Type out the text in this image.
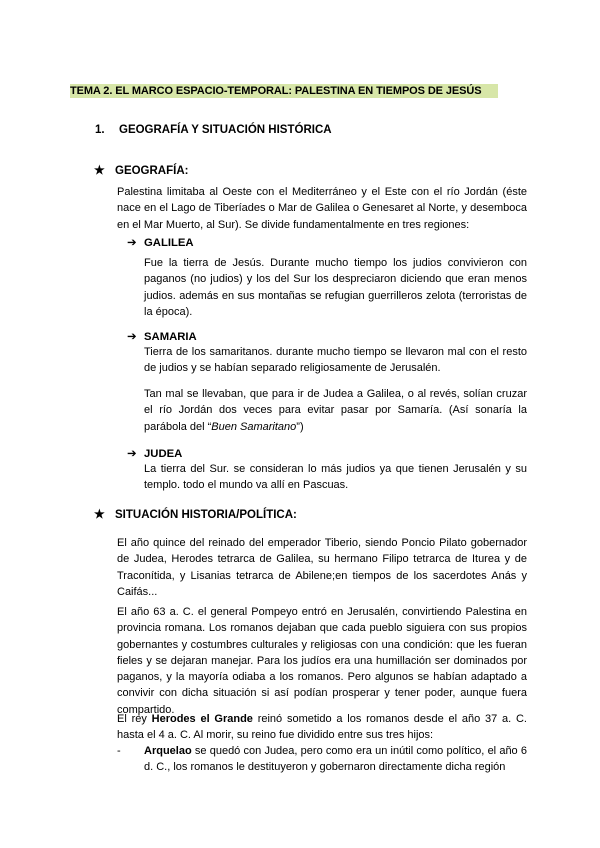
TEMA 2. EL MARCO ESPACIO-TEMPORAL: PALESTINA EN TIEMPOS DE JESÚS
1. GEOGRAFÍA Y SITUACIÓN HISTÓRICA
★ GEOGRAFÍA:
Palestina limitaba al Oeste con el Mediterráneo y el Este con el río Jordán (éste nace en el Lago de Tiberíades o Mar de Galilea o Genesaret al Norte, y desemboca en el Mar Muerto, al Sur). Se divide fundamentalmente en tres regiones:
➔ GALILEA
Fue la tierra de Jesús. Durante mucho tiempo los judios convivieron con paganos (no judios) y los del Sur los despreciaron diciendo que eran menos judios. además en sus montañas se refugian guerrilleros zelota (terroristas de la época).
➔ SAMARIA
Tierra de los samaritanos. durante mucho tiempo se llevaron mal con el resto de judios y se habían separado religiosamente de Jerusalén.
Tan mal se llevaban, que para ir de Judea a Galilea, o al revés, solían cruzar el río Jordán dos veces para evitar pasar por Samaría. (Así sonaría la parábola del “Buen Samaritano”)
➔ JUDEA
La tierra del Sur. se consideran lo más judios ya que tienen Jerusalén y su templo. todo el mundo va allí en Pascuas.
★ SITUACIÓN HISTORIA/POLÍTICA:
El año quince del reinado del emperador Tiberio, siendo Poncio Pilato gobernador de Judea, Herodes tetrarca de Galilea, su hermano Filipo tetrarca de Iturea y de Traconítida, y Lisanias tetrarca de Abilene;en tiempos de los sacerdotes Anás y Caifás...
El año 63 a. C. el general Pompeyo entró en Jerusalén, convirtiendo Palestina en provincia romana. Los romanos dejaban que cada pueblo siguiera con sus propios gobernantes y costumbres culturales y religiosas con una condición: que les fueran fieles y se dejaran manejar. Para los judíos era una humillación ser dominados por paganos, y la mayoría odiaba a los romanos. Pero algunos se habían adaptado a convivir con dicha situación si así podían prosperar y tener poder, aunque fuera compartido.
El rey Herodes el Grande reinó sometido a los romanos desde el año 37 a. C. hasta el 4 a. C. Al morir, su reino fue dividido entre sus tres hijos:
- Arquelao se quedó con Judea, pero como era un inútil como político, el año 6 d. C., los romanos le destituyeron y gobernaron directamente dicha región
